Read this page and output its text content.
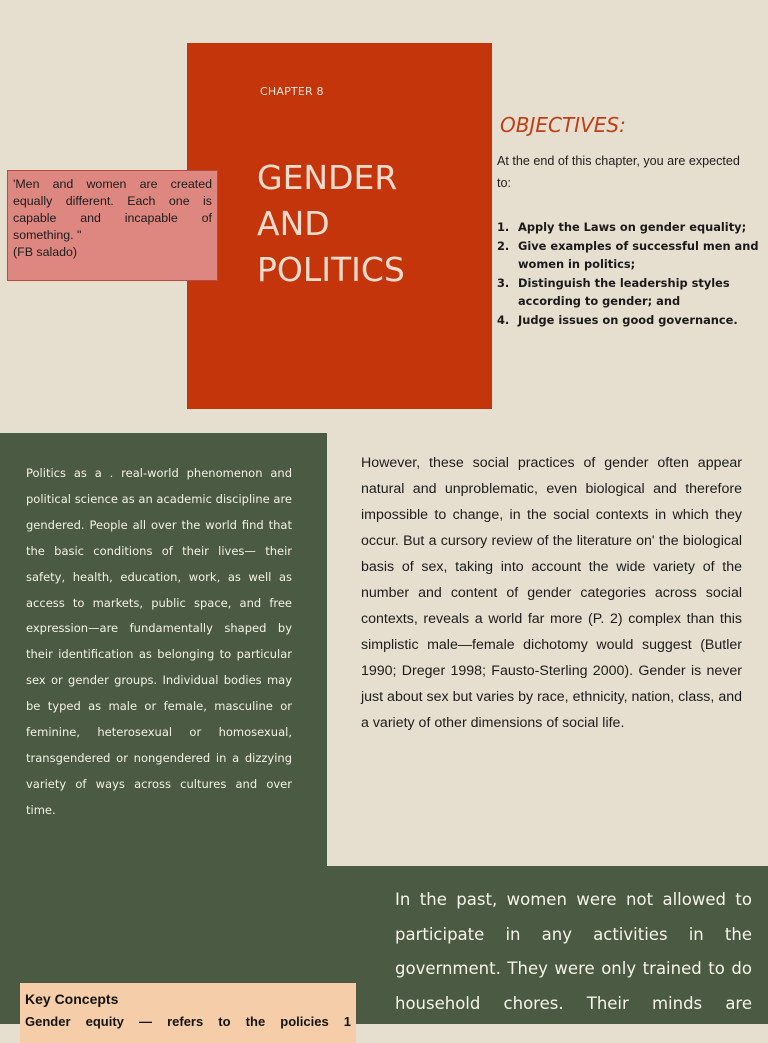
CHAPTER 8
GENDER
AND
POLITICS
'Men and women are created equally different. Each one is capable and incapable of something. "
(FB salado)
OBJECTIVES:
At the end of this chapter, you are expected to:
1. Apply the Laws on gender equality;
2. Give examples of successful men and women in politics;
3. Distinguish the leadership styles according to gender; and
4. Judge issues on good governance.
Politics as a . real-world phenomenon and political science as an academic discipline are gendered. People all over the world find that the basic conditions of their lives— their safety, health, education, work, as well as access to markets, public space, and free expression—are fundamentally shaped by their identification as belonging to particular sex or gender groups. Individual bodies may be typed as male or female, masculine or feminine, heterosexual or homosexual, transgendered or nongendered in a dizzying variety of ways across cultures and over time.
However, these social practices of gender often appear natural and unproblematic, even biological and therefore impossible to change, in the social contexts in which they occur. But a cursory review of the literature on' the biological basis of sex, taking into account the wide variety of the number and content of gender categories across social contexts, reveals a world far more (P. 2) complex than this simplistic male—female dichotomy would suggest (Butler 1990; Dreger 1998; Fausto-Sterling 2000). Gender is never just about sex but varies by race, ethnicity, nation, class, and a variety of other dimensions of social life.
In the past, women were not allowed to participate in any activities in the government. They were only trained to do household chores. Their minds are
Key Concepts
Gender equity — refers to the policies 1
